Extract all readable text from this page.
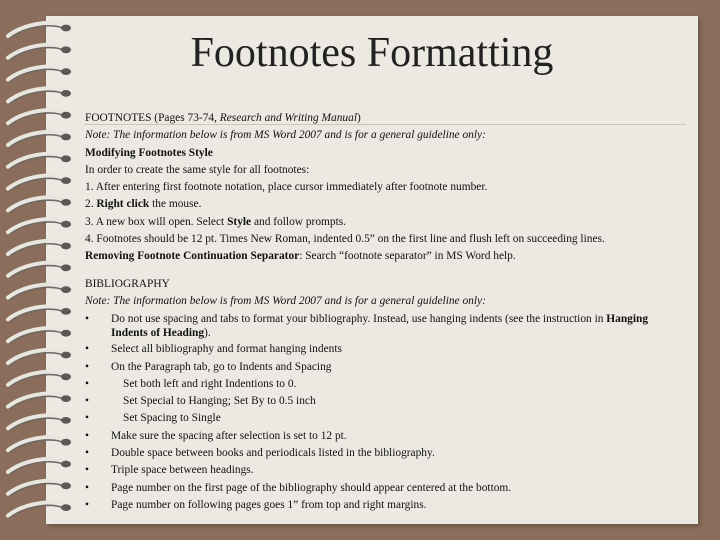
Footnotes Formatting
FOOTNOTES (Pages 73-74, Research and Writing Manual)
Note: The information below is from MS Word 2007 and is for a general guideline only:
Modifying Footnotes Style
In order to create the same style for all footnotes:
1. After entering first footnote notation, place cursor immediately after footnote number.
2. Right click the mouse.
3. A new box will open. Select Style and follow prompts.
4. Footnotes should be 12 pt. Times New Roman, indented 0.5” on the first line and flush left on succeeding lines.
Removing Footnote Continuation Separator: Search “footnote separator” in MS Word help.
BIBLIOGRAPHY
Note: The information below is from MS Word 2007 and is for a general guideline only:
• Do not use spacing and tabs to format your bibliography. Instead, use hanging indents (see the instruction in Hanging Indents of Heading).
• Select all bibliography and format hanging indents
• On the Paragraph tab, go to Indents and Spacing
•	Set both left and right Indentions to 0.
•	Set Special to Hanging; Set By to 0.5 inch
•	Set Spacing to Single
• Make sure the spacing after selection is set to 12 pt.
• Double space between books and periodicals listed in the bibliography.
• Triple space between headings.
• Page number on the first page of the bibliography should appear centered at the bottom.
• Page number on following pages goes 1” from top and right margins.
